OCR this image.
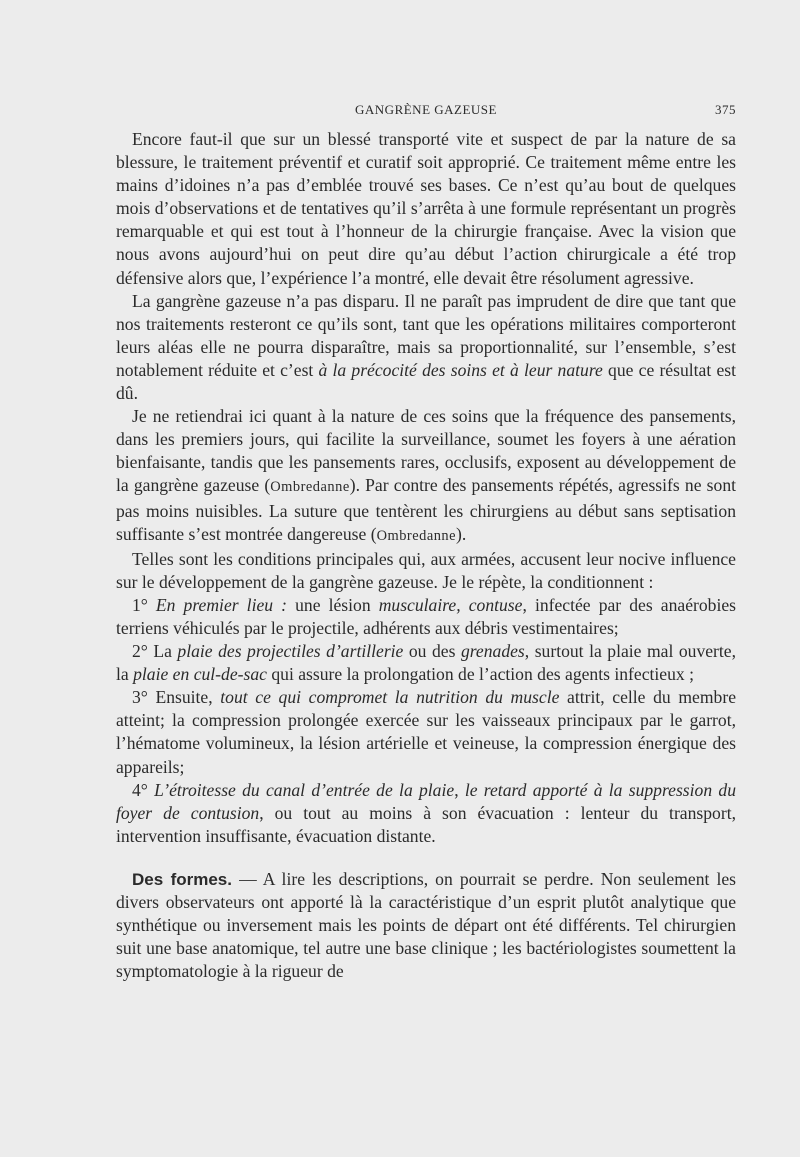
GANGRÈNE GAZEUSE	375

Encore faut-il que sur un blessé transporté vite et suspect de par la nature de sa blessure, le traitement préventif et curatif soit approprié. Ce traitement même entre les mains d’idoines n’a pas d’emblée trouvé ses bases. Ce n’est qu’au bout de quelques mois d’observations et de tentatives qu’il s’arrêta à une formule représentant un progrès remarquable et qui est tout à l’honneur de la chirurgie française. Avec la vision que nous avons aujourd’hui on peut dire qu’au début l’action chirurgicale a été trop défensive alors que, l’expérience l’a montré, elle devait être résolument agressive.

La gangrène gazeuse n’a pas disparu. Il ne paraît pas imprudent de dire que tant que nos traitements resteront ce qu’ils sont, tant que les opérations militaires comporteront leurs aléas elle ne pourra disparaître, mais sa proportionnalité, sur l’ensemble, s’est notablement réduite et c’est à la précocité des soins et à leur nature que ce résultat est dû.

Je ne retiendrai ici quant à la nature de ces soins que la fréquence des pansements, dans les premiers jours, qui facilite la surveillance, soumet les foyers à une aération bienfaisante, tandis que les pansements rares, occlusifs, exposent au développement de la gangrène gazeuse (Ombredanne). Par contre des pansements répétés, agressifs ne sont pas moins nuisibles. La suture que tentèrent les chirurgiens au début sans septisation suffisante s’est montrée dangereuse (Ombredanne).

Telles sont les conditions principales qui, aux armées, accusent leur nocive influence sur le développement de la gangrène gazeuse. Je le répète, la conditionnent :

1° En premier lieu : une lésion musculaire, contuse, infectée par des anaérobies terriens véhiculés par le projectile, adhérents aux débris vestimentaires;

2° La plaie des projectiles d’artillerie ou des grenades, surtout la plaie mal ouverte, la plaie en cul-de-sac qui assure la prolongation de l’action des agents infectieux ;

3° Ensuite, tout ce qui compromet la nutrition du muscle attrit, celle du membre atteint; la compression prolongée exercée sur les vaisseaux principaux par le garrot, l’hématome volumineux, la lésion artérielle et veineuse, la compression énergique des appareils;

4° L’étroitesse du canal d’entrée de la plaie, le retard apporté à la suppression du foyer de contusion, ou tout au moins à son évacuation : lenteur du transport, intervention insuffisante, évacuation distante.

Des formes. — A lire les descriptions, on pourrait se perdre. Non seulement les divers observateurs ont apporté là la caractéristique d’un esprit plutôt analytique que synthétique ou inversement mais les points de départ ont été différents. Tel chirurgien suit une base anatomique, tel autre une base clinique ; les bactériologistes soumettent la symptomatologie à la rigueur de
